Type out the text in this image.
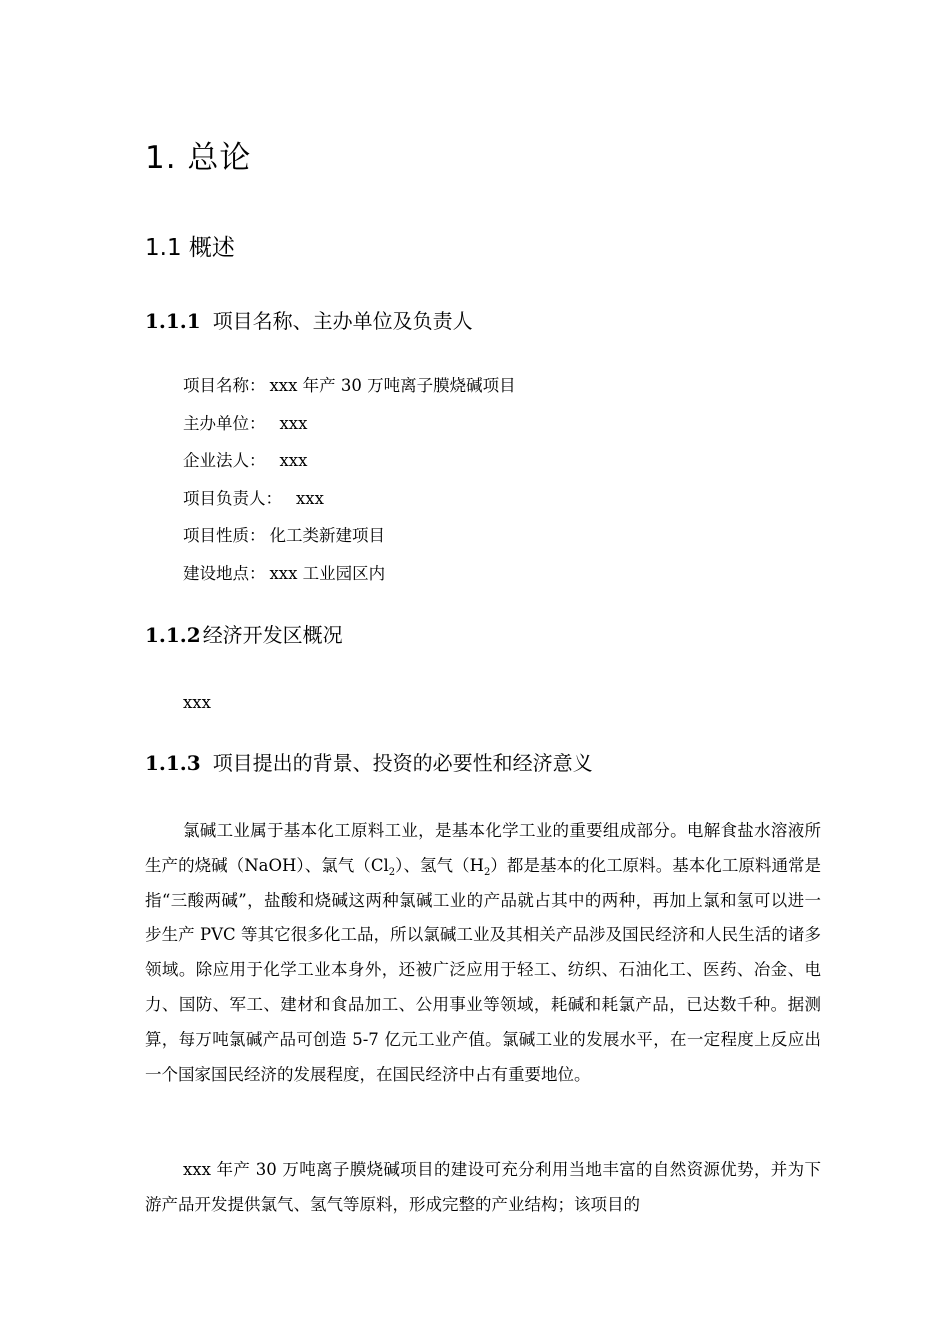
1. 总论
1.1 概述
1.1.1 项目名称、主办单位及负责人
项目名称： xxx 年产 30 万吨离子膜烧碱项目
主办单位： xxx
企业法人： xxx
项目负责人： xxx
项目性质： 化工类新建项目
建设地点： xxx 工业园区内
1.1.2 经济开发区概况
xxx
1.1.3 项目提出的背景、投资的必要性和经济意义

氯碱工业属于基本化工原料工业，是基本化学工业的重要组成部分。电解食盐水溶液所生产的烧碱（NaOH）、氯气$(Cl_2)$、氢气$(H_2)$都是基本的化工原料。基本化工原料通常是指“三酸两碱”，盐酸和烧碱这两种氯碱工业的产品就占其中的两种，再加上氯和氢可以进一步生产 PVC 等其它很多化工品，所以氯碱工业及其相关产品涉及国民经济和人民生活的诸多领域。除应用于化学工业本身外，还被广泛应用于轻工、纺织、石油化工、医药、冶金、电力、国防、军工、建材和食品加工、公用事业等领域，耗碱和耗氯产品，已达数千种。据测算，每万吨氯碱产品可创造 5-7 亿元工业产值。氯碱工业的发展水平，在一定程度上反应出一个国家国民经济的发展程度，在国民经济中占有重要地位。

xxx 年产 30 万吨离子膜烧碱项目的建设可充分利用当地丰富的自然资源优势，并为下游产品开发提供氯气、氢气等原料，形成完整的产业结构；该项目的
